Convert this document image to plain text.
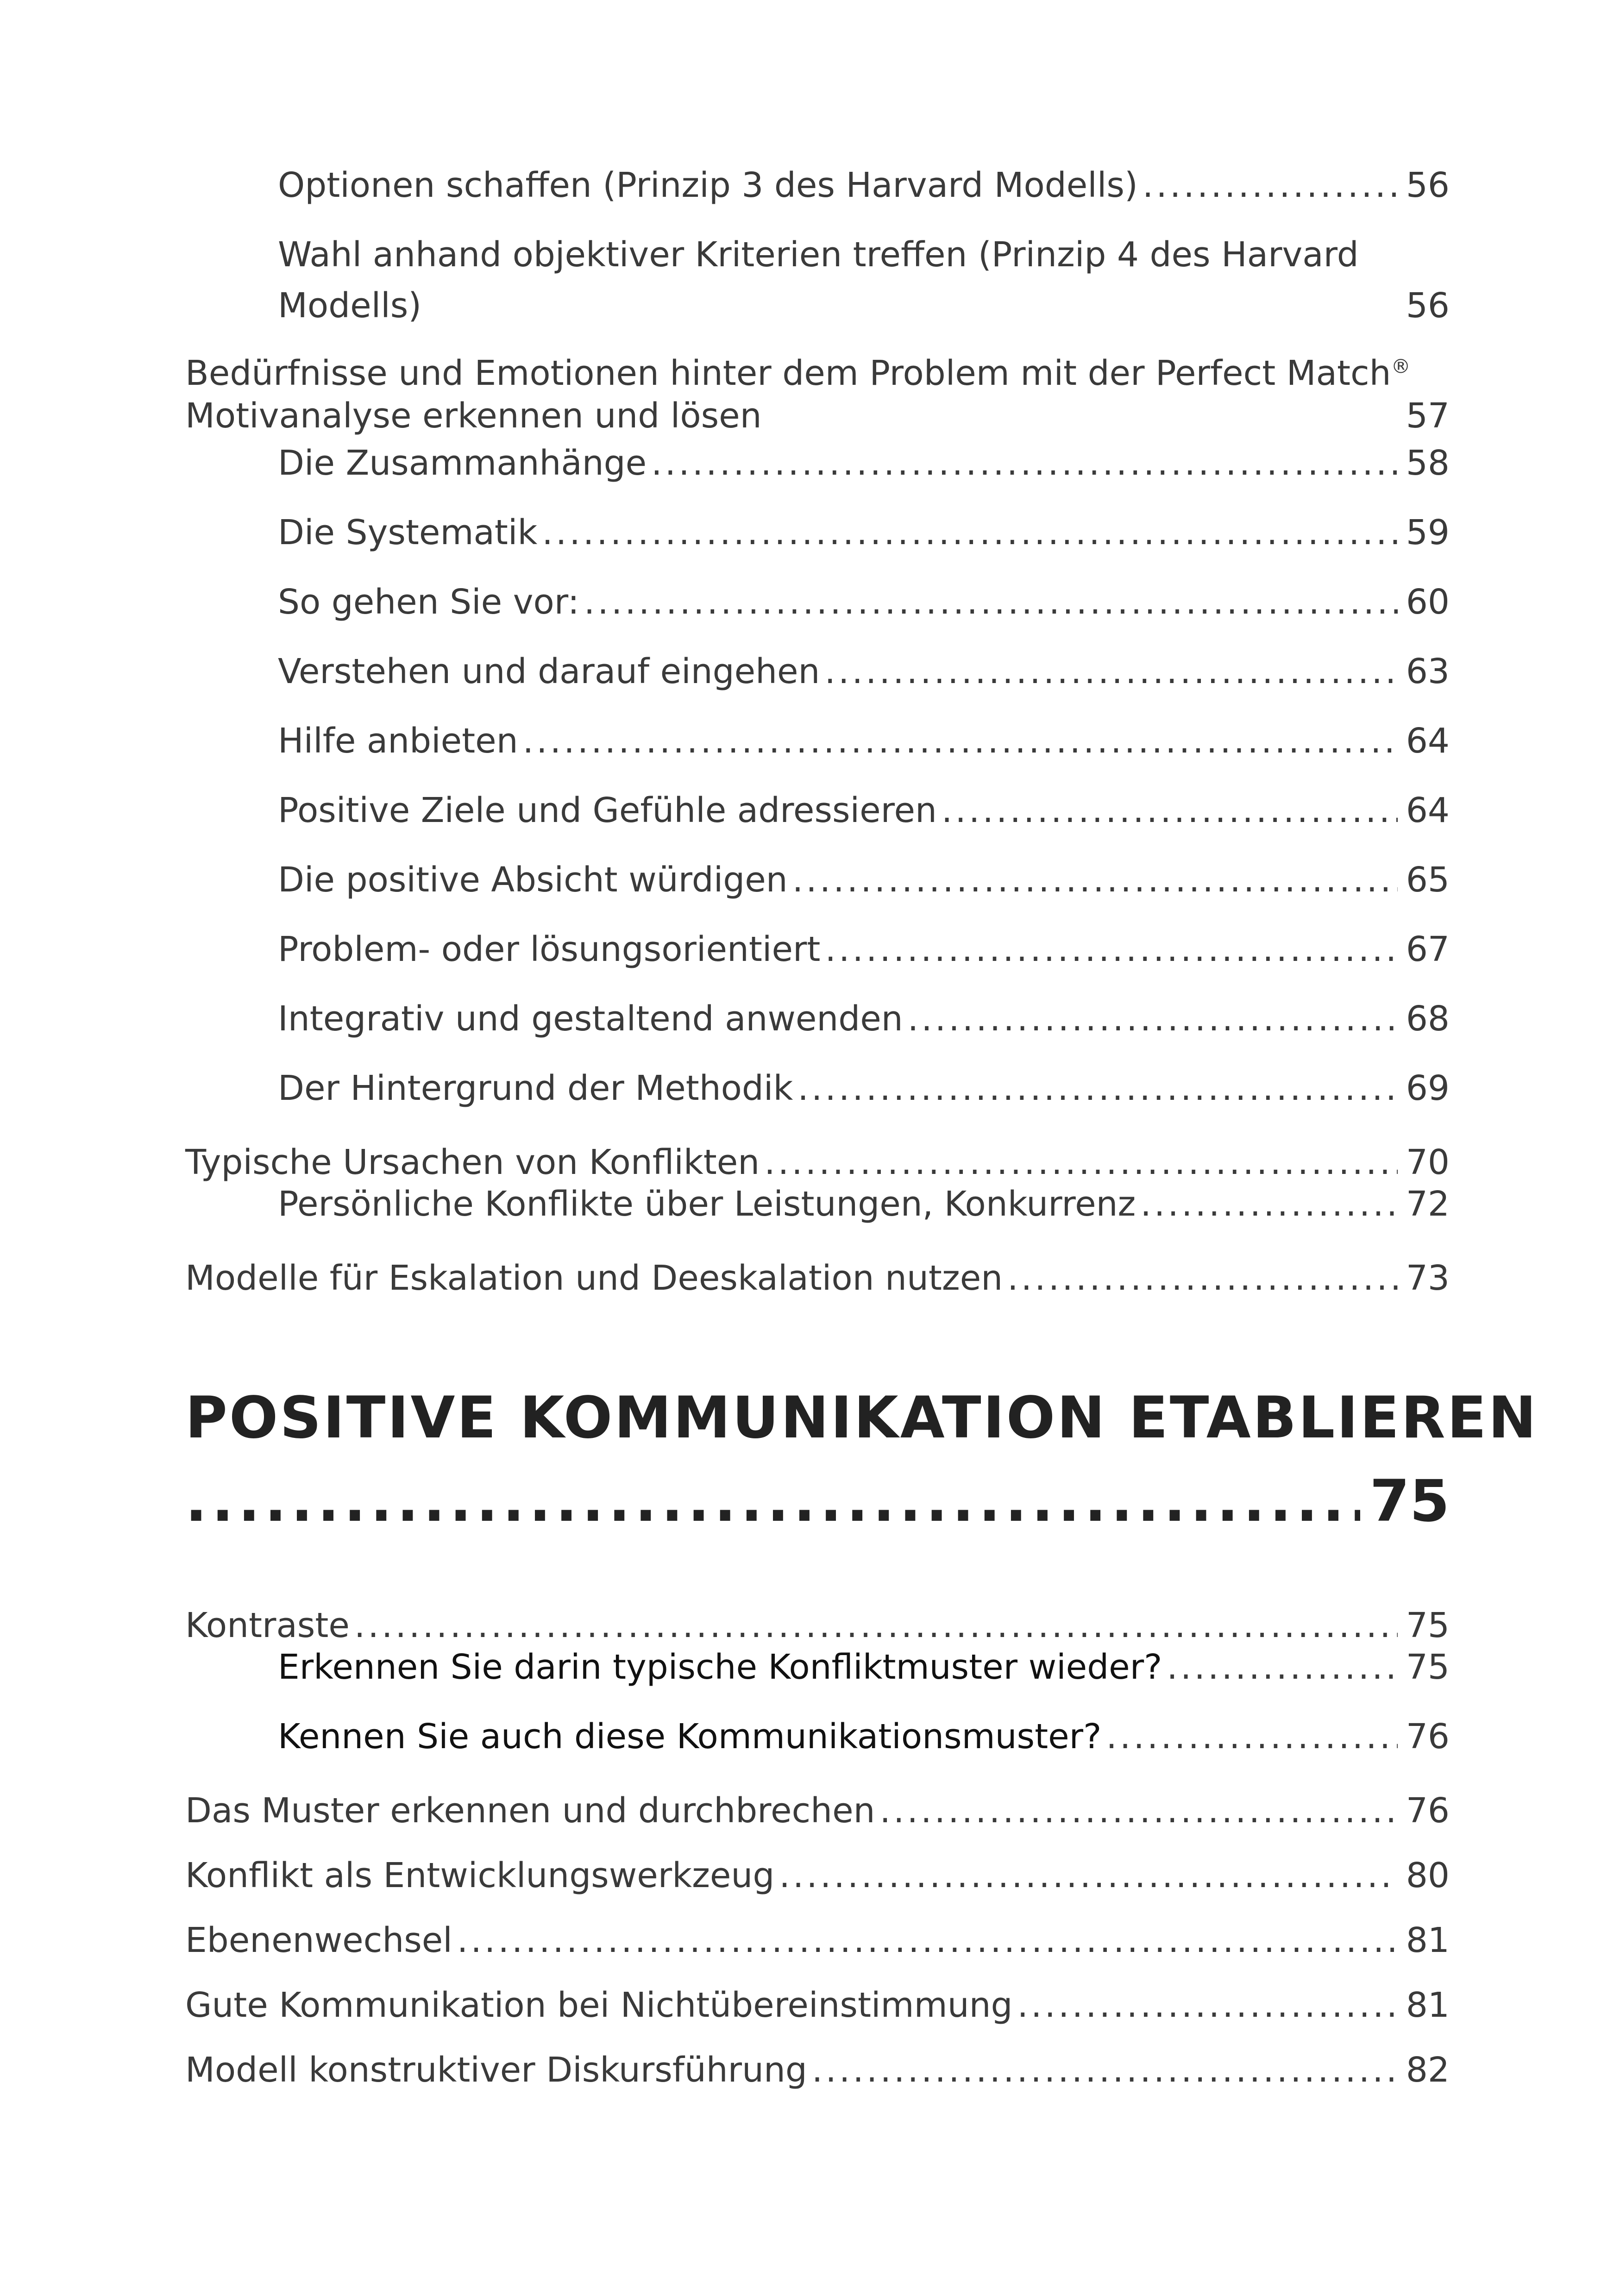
Optionen schaffen (Prinzip 3 des Harvard Modells) .....	56
Wahl anhand objektiver Kriterien treffen (Prinzip 4 des Harvard
Modells)	56
Bedürfnisse und Emotionen hinter dem Problem mit der Perfect Match®
Motivanalyse erkennen und lösen	57
Die Zusammanhänge .....	58
Die Systematik .....	59
So gehen Sie vor: .....	60
Verstehen und darauf eingehen .....	63
Hilfe anbieten .....	64
Positive Ziele und Gefühle adressieren .....	64
Die positive Absicht würdigen .....	65
Problem- oder lösungsorientiert .....	67
Integrativ und gestaltend anwenden .....	68
Der Hintergrund der Methodik .....	69
Typische Ursachen von Konflikten .....	70
Persönliche Konflikte über Leistungen, Konkurrenz .....	72
Modelle für Eskalation und Deeskalation nutzen .....	73
POSITIVE KOMMUNIKATION ETABLIEREN
.....
75
Kontraste .....	75
Erkennen Sie darin typische Konfliktmuster wieder? .....	75
Kennen Sie auch diese Kommunikationsmuster? .....	76
Das Muster erkennen und durchbrechen .....	76
Konflikt als Entwicklungswerkzeug .....	80
Ebenenwechsel .....	81
Gute Kommunikation bei Nichtübereinstimmung .....	81
Modell konstruktiver Diskursführung .....	82
